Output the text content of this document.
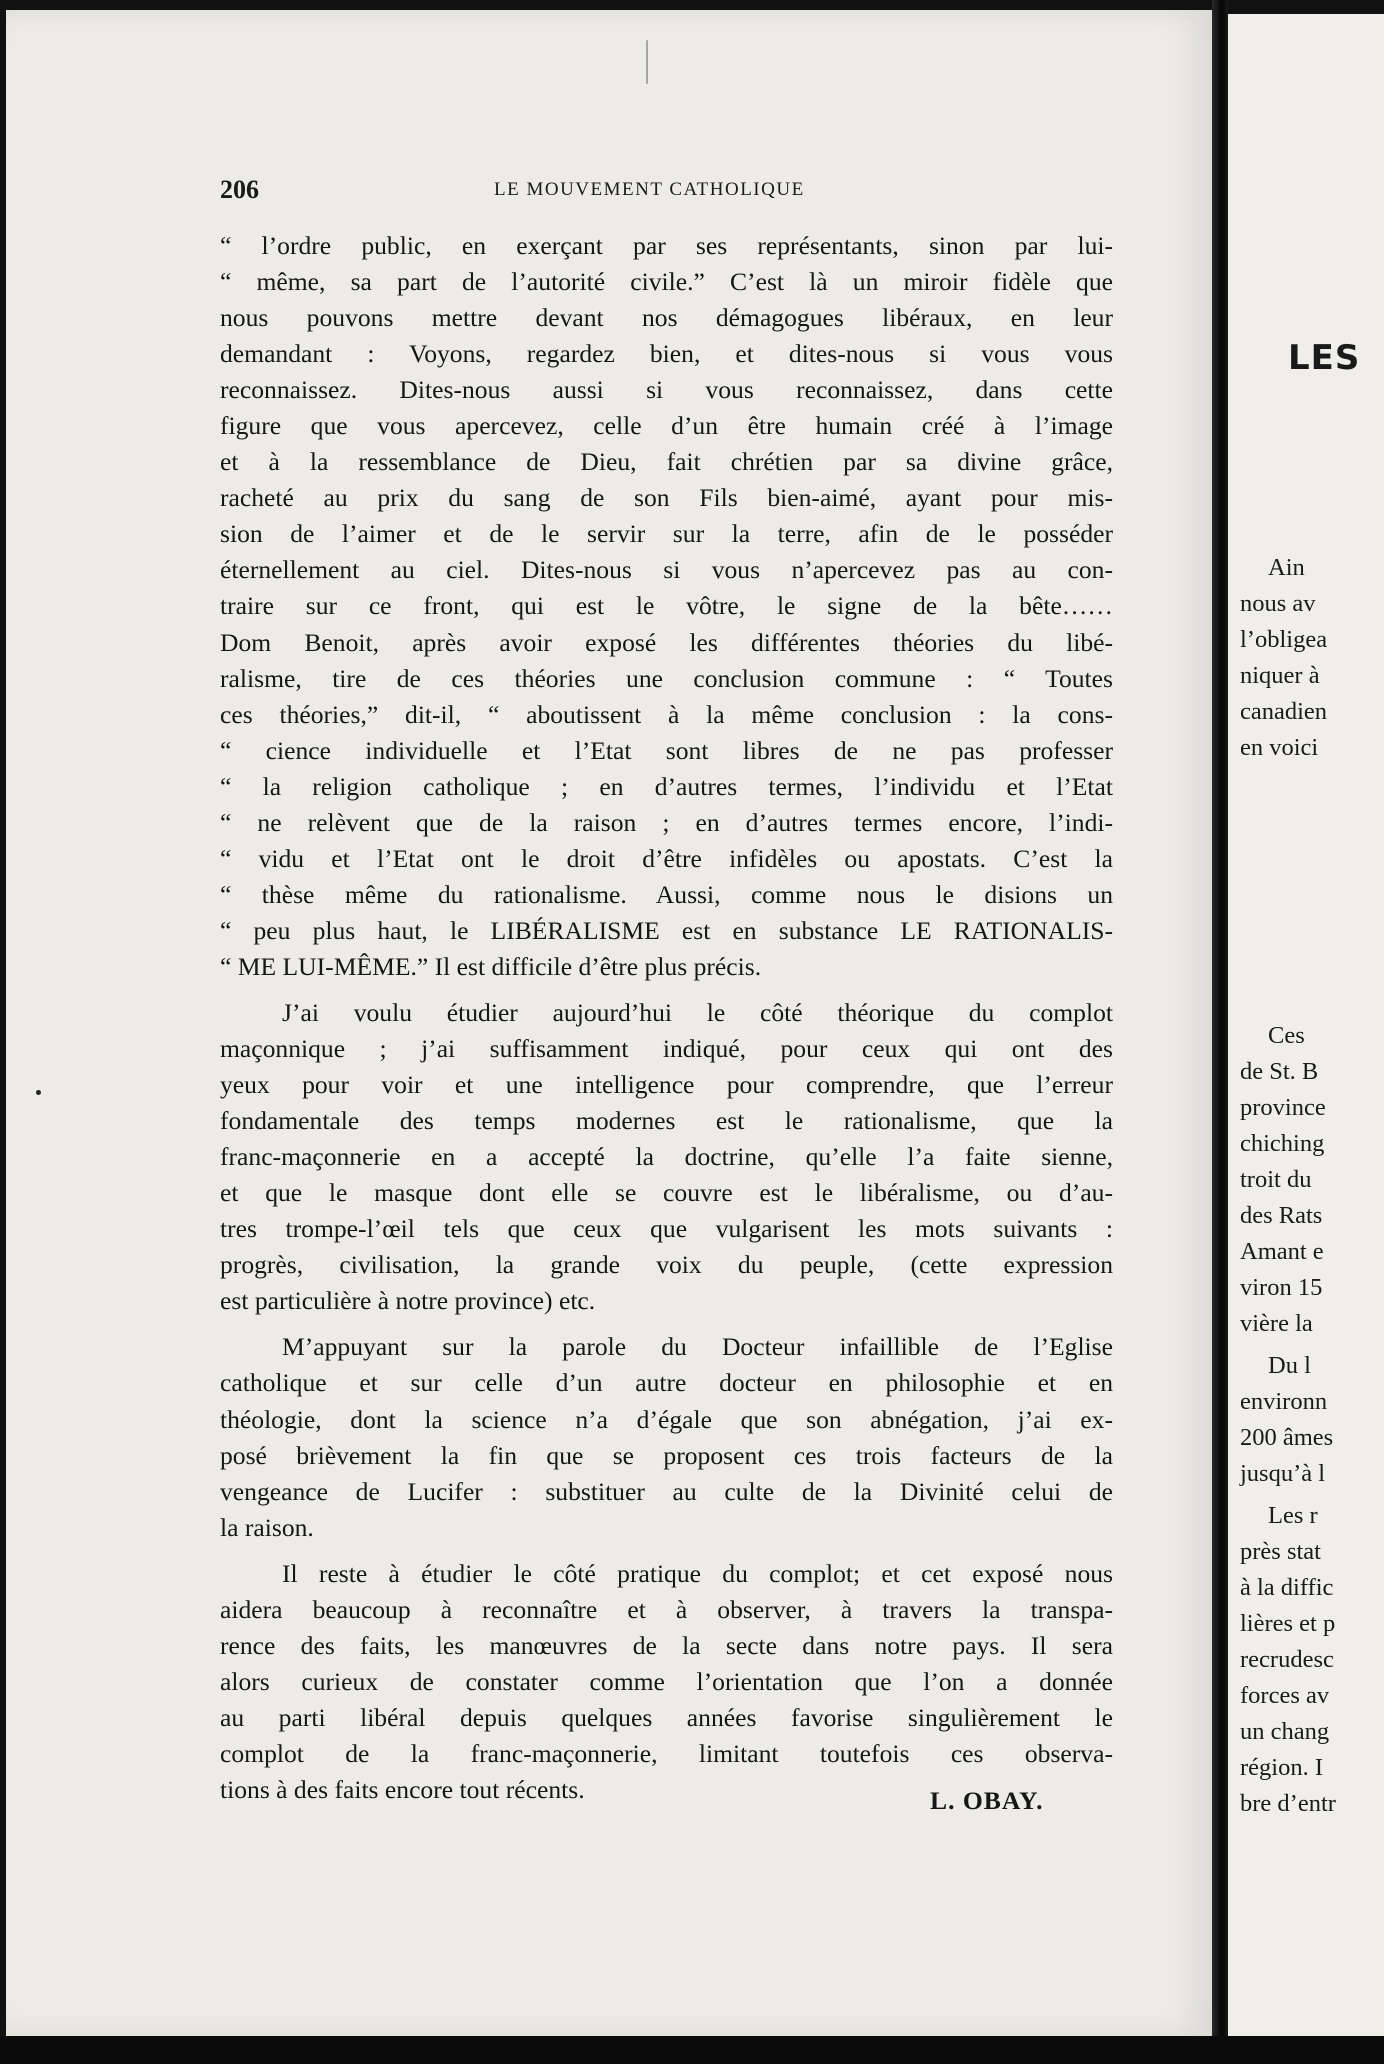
LES
Ain
nous av
l’obligea
niquer à
canadien
en voici
Ces
de St. B
province
chiching
troit du
des Rats
Amant e
viron 15
vière la
Du l
environn
200 âmes
jusqu’à l
Les r
près stat
à la diffic
lières et p
recrudesc
forces av
un chang
région. I
bre d’entr
206	LE MOUVEMENT CATHOLIQUE
“ l’ordre public, en exerçant par ses représentants, sinon par lui-
“ même, sa part de l’autorité civile.” C’est là un miroir fidèle que
nous pouvons mettre devant nos démagogues libéraux, en leur
demandant : Voyons, regardez bien, et dites-nous si vous vous
reconnaissez. Dites-nous aussi si vous reconnaissez, dans cette
figure que vous apercevez, celle d’un être humain créé à l’image
et à la ressemblance de Dieu, fait chrétien par sa divine grâce,
racheté au prix du sang de son Fils bien-aimé, ayant pour mis-
sion de l’aimer et de le servir sur la terre, afin de le posséder
éternellement au ciel. Dites-nous si vous n’apercevez pas au con-
traire sur ce front, qui est le vôtre, le signe de la bête……
Dom Benoit, après avoir exposé les différentes théories du libé-
ralisme, tire de ces théories une conclusion commune : “ Toutes
ces théories,” dit-il, “ aboutissent à la même conclusion : la cons-
“ cience individuelle et l’Etat sont libres de ne pas professer
“ la religion catholique ; en d’autres termes, l’individu et l’Etat
“ ne relèvent que de la raison ; en d’autres termes encore, l’indi-
“ vidu et l’Etat ont le droit d’être infidèles ou apostats. C’est la
“ thèse même du rationalisme. Aussi, comme nous le disions un
“ peu plus haut, le LIBÉRALISME est en substance LE RATIONALIS-
“ ME LUI-MÊME.” Il est difficile d’être plus précis.
J’ai voulu étudier aujourd’hui le côté théorique du complot
maçonnique ; j’ai suffisamment indiqué, pour ceux qui ont des
yeux pour voir et une intelligence pour comprendre, que l’erreur
fondamentale des temps modernes est le rationalisme, que la
franc-maçonnerie en a accepté la doctrine, qu’elle l’a faite sienne,
et que le masque dont elle se couvre est le libéralisme, ou d’au-
tres trompe-l’œil tels que ceux que vulgarisent les mots suivants :
progrès, civilisation, la grande voix du peuple, (cette expression
est particulière à notre province) etc.
M’appuyant sur la parole du Docteur infaillible de l’Eglise
catholique et sur celle d’un autre docteur en philosophie et en
théologie, dont la science n’a d’égale que son abnégation, j’ai ex-
posé brièvement la fin que se proposent ces trois facteurs de la
vengeance de Lucifer : substituer au culte de la Divinité celui de
la raison.
Il reste à étudier le côté pratique du complot; et cet exposé nous
aidera beaucoup à reconnaître et à observer, à travers la transpa-
rence des faits, les manœuvres de la secte dans notre pays. Il sera
alors curieux de constater comme l’orientation que l’on a donnée
au parti libéral depuis quelques années favorise singulièrement le
complot de la franc-maçonnerie, limitant toutefois ces observa-
tions à des faits encore tout récents.	L. OBAY.
